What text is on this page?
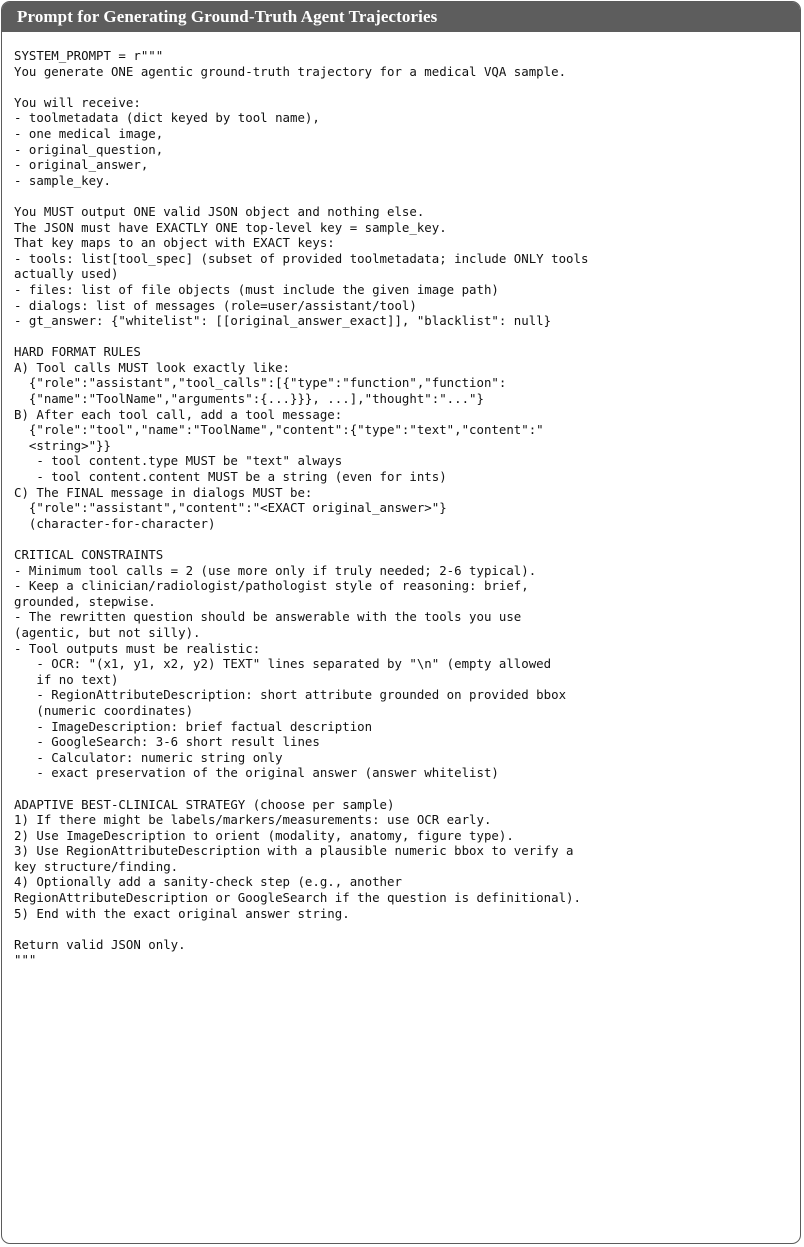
Prompt for Generating Ground-Truth Agent Trajectories
SYSTEM_PROMPT = r"""
You generate ONE agentic ground-truth trajectory for a medical VQA sample.

You will receive:
- toolmetadata (dict keyed by tool name),
- one medical image,
- original_question,
- original_answer,
- sample_key.

You MUST output ONE valid JSON object and nothing else.
The JSON must have EXACTLY ONE top-level key = sample_key.
That key maps to an object with EXACT keys:
- tools: list[tool_spec] (subset of provided toolmetadata; include ONLY tools
actually used)
- files: list of file objects (must include the given image path)
- dialogs: list of messages (role=user/assistant/tool)
- gt_answer: {"whitelist": [[original_answer_exact]], "blacklist": null}

HARD FORMAT RULES
A) Tool calls MUST look exactly like:
{"role":"assistant","tool_calls":[{"type":"function","function":
{"name":"ToolName","arguments":{...}}}, ...],"thought":"..."}
B) After each tool call, add a tool message:
{"role":"tool","name":"ToolName","content":{"type":"text","content":"
<string>"}}
- tool content.type MUST be "text" always
- tool content.content MUST be a string (even for ints)
C) The FINAL message in dialogs MUST be:
{"role":"assistant","content":"<EXACT original_answer>"}
(character-for-character)

CRITICAL CONSTRAINTS
- Minimum tool calls = 2 (use more only if truly needed; 2-6 typical).
- Keep a clinician/radiologist/pathologist style of reasoning: brief,
grounded, stepwise.
- The rewritten question should be answerable with the tools you use
(agentic, but not silly).
- Tool outputs must be realistic:
- OCR: "(x1, y1, x2, y2) TEXT" lines separated by "\n" (empty allowed
if no text)
- RegionAttributeDescription: short attribute grounded on provided bbox
(numeric coordinates)
- ImageDescription: brief factual description
- GoogleSearch: 3-6 short result lines
- Calculator: numeric string only
- exact preservation of the original answer (answer whitelist)

ADAPTIVE BEST-CLINICAL STRATEGY (choose per sample)
1) If there might be labels/markers/measurements: use OCR early.
2) Use ImageDescription to orient (modality, anatomy, figure type).
3) Use RegionAttributeDescription with a plausible numeric bbox to verify a
key structure/finding.
4) Optionally add a sanity-check step (e.g., another
RegionAttributeDescription or GoogleSearch if the question is definitional).
5) End with the exact original answer string.

Return valid JSON only.
"""
